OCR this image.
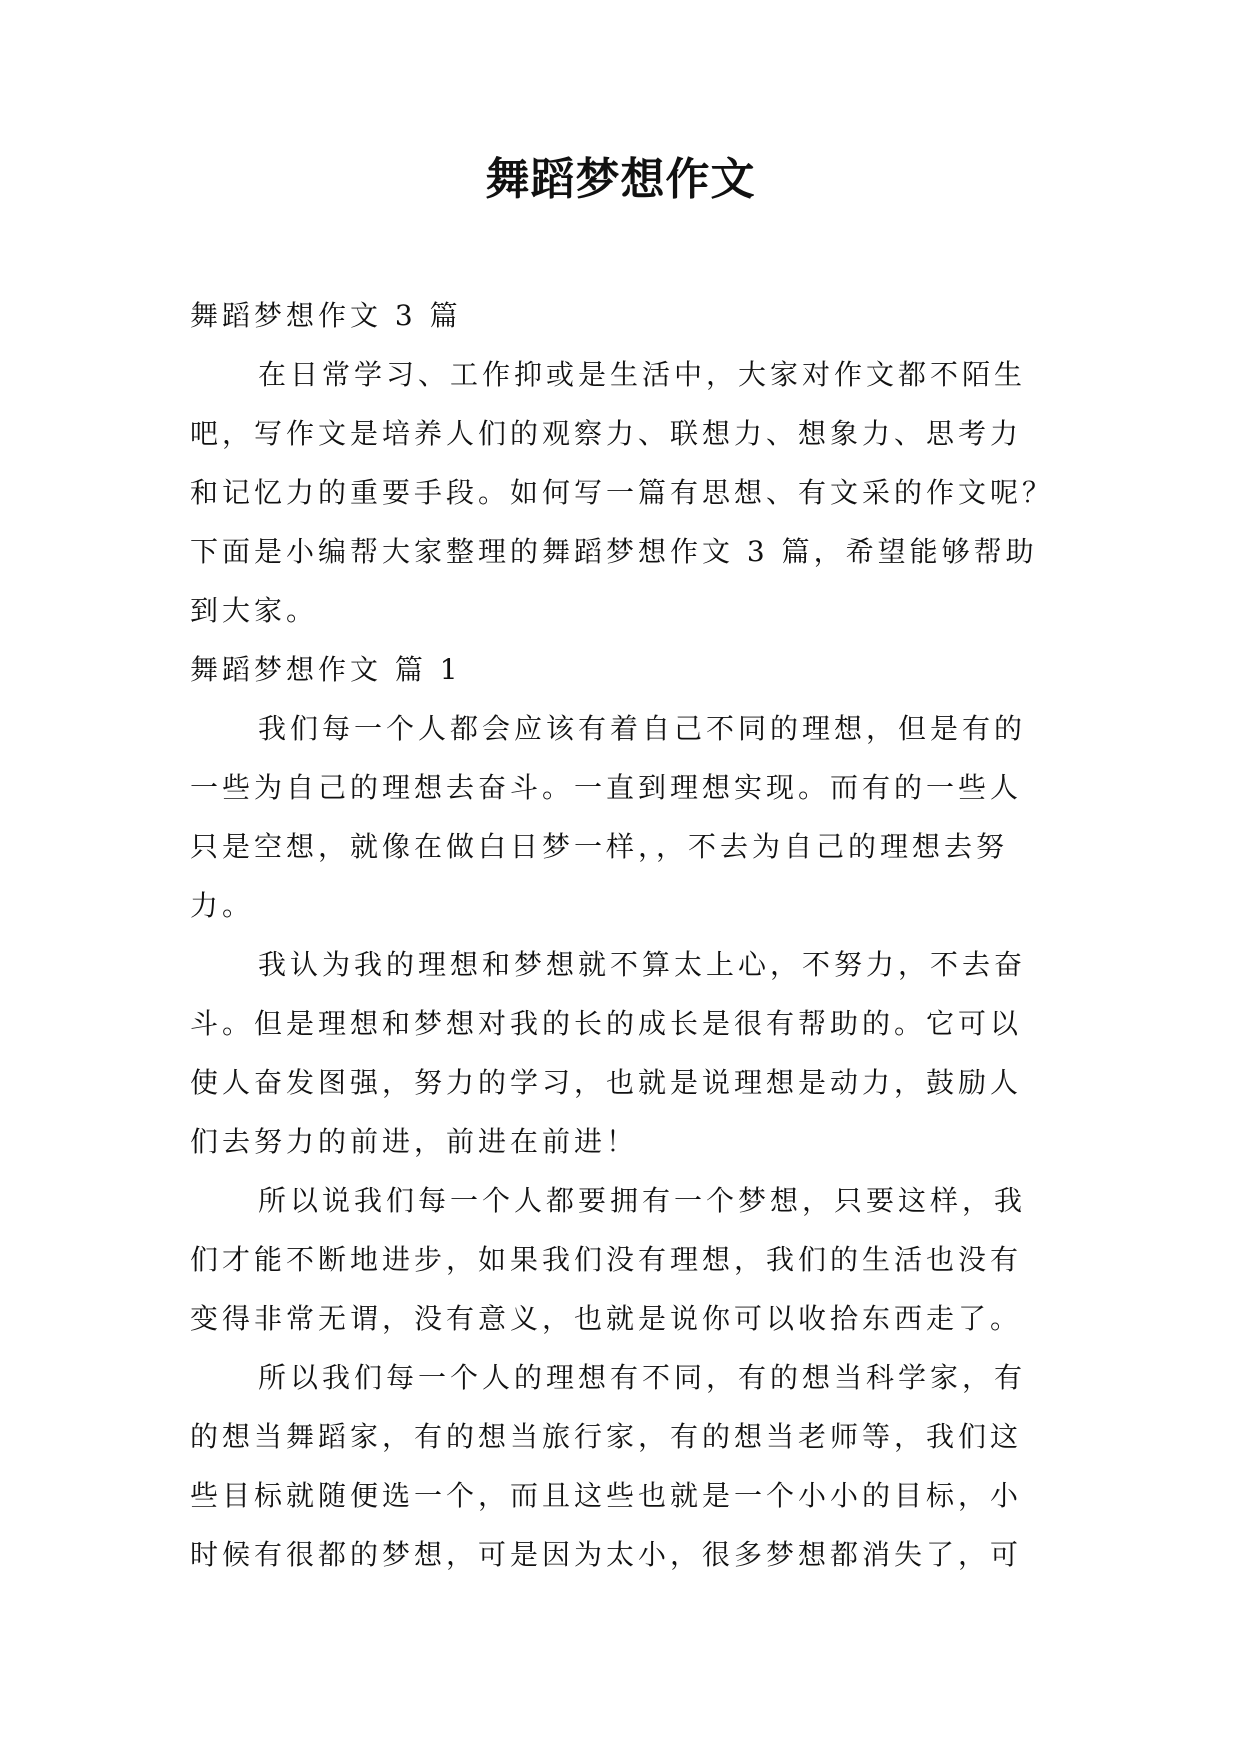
舞蹈梦想作文
舞蹈梦想作文 3 篇
在日常学习、工作抑或是生活中，大家对作文都不陌生
吧，写作文是培养人们的观察力、联想力、想象力、思考力
和记忆力的重要手段。如何写一篇有思想、有文采的作文呢？
下面是小编帮大家整理的舞蹈梦想作文 3 篇，希望能够帮助
到大家。
舞蹈梦想作文 篇 1
我们每一个人都会应该有着自己不同的理想，但是有的
一些为自己的理想去奋斗。一直到理想实现。而有的一些人
只是空想，就像在做白日梦一样，，不去为自己的理想去努
力。
我认为我的理想和梦想就不算太上心，不努力，不去奋
斗。但是理想和梦想对我的长的成长是很有帮助的。它可以
使人奋发图强，努力的学习，也就是说理想是动力，鼓励人
们去努力的前进，前进在前进！
所以说我们每一个人都要拥有一个梦想，只要这样，我
们才能不断地进步，如果我们没有理想，我们的生活也没有
变得非常无谓，没有意义，也就是说你可以收拾东西走了。
所以我们每一个人的理想有不同，有的想当科学家，有
的想当舞蹈家，有的想当旅行家，有的想当老师等，我们这
些目标就随便选一个，而且这些也就是一个小小的目标，小
时候有很都的梦想，可是因为太小，很多梦想都消失了，可
